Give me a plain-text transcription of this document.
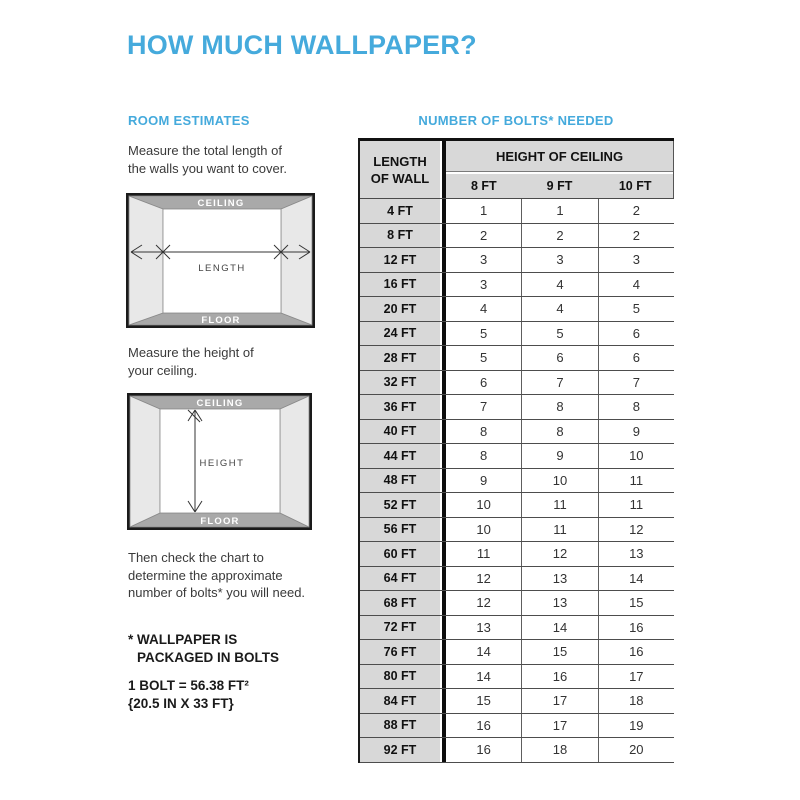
HOW MUCH WALLPAPER?
ROOM ESTIMATES	NUMBER OF BOLTS* NEEDED
Measure the total length of
the walls you want to cover.
CEILING
FLOOR
LENGTH
Measure the height of
your ceiling.
CEILING
FLOOR
HEIGHT
Then check the chart to
determine the approximate
number of bolts* you will need.
* WALLPAPER IS
PACKAGED IN BOLTS
1 BOLT = 56.38 FT²
{20.5 IN X 33 FT}
LENGTH
OF WALL
HEIGHT OF CEILING
8 FT	9 FT	10 FT
4 FT	1	1	2
8 FT	2	2	2
12 FT	3	3	3
16 FT	3	4	4
20 FT	4	4	5
24 FT	5	5	6
28 FT	5	6	6
32 FT	6	7	7
36 FT	7	8	8
40 FT	8	8	9
44 FT	8	9	10
48 FT	9	10	11
52 FT	10	11	11
56 FT	10	11	12
60 FT	11	12	13
64 FT	12	13	14
68 FT	12	13	15
72 FT	13	14	16
76 FT	14	15	16
80 FT	14	16	17
84 FT	15	17	18
88 FT	16	17	19
92 FT	16	18	20
